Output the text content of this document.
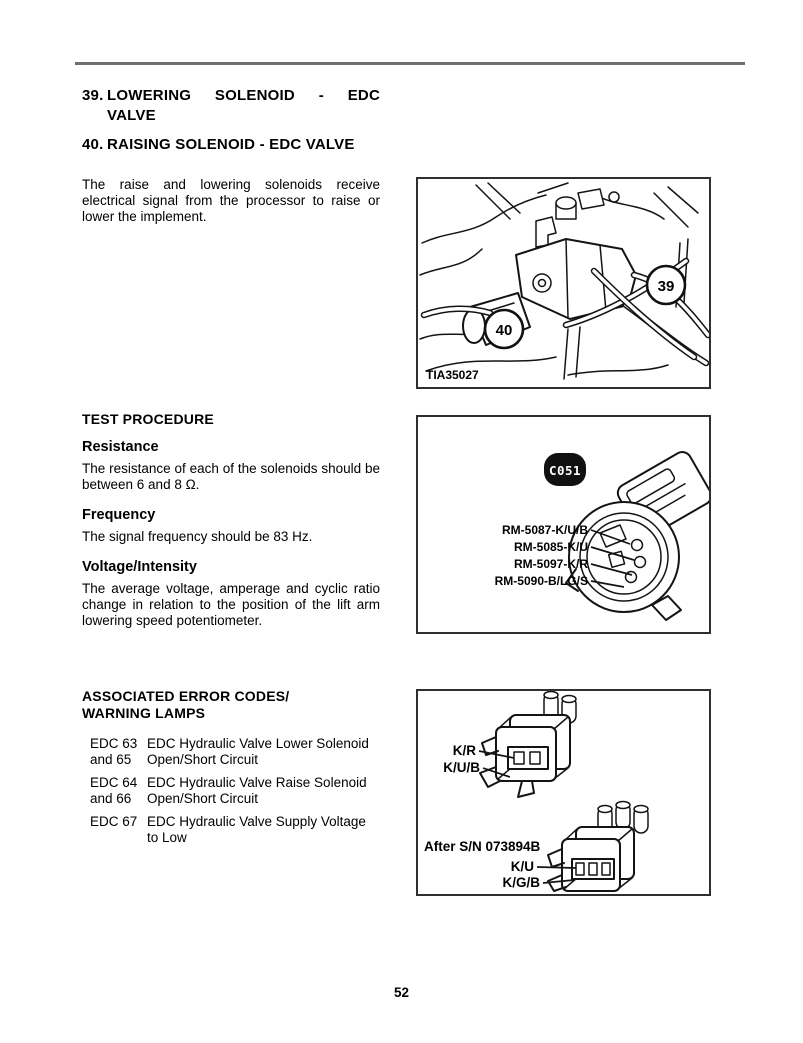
39. LOWERING SOLENOID - EDC
VALVE
40. RAISING SOLENOID - EDC VALVE
The raise and lowering solenoids receive electrical signal from the processor to raise or lower the implement.
TEST PROCEDURE
Resistance
The resistance of each of the solenoids should be between 6 and 8 Ω.
Frequency
The signal frequency should be 83 Hz.
Voltage/Intensity
The average voltage, amperage and cyclic ratio change in relation to the position of the lift arm lowering speed potentiometer.
ASSOCIATED ERROR CODES/
WARNING LAMPS
EDC 63
and 65
EDC Hydraulic Valve Lower Solenoid Open/Short Circuit
EDC 64
and 66
EDC Hydraulic Valve Raise Solenoid Open/Short Circuit
EDC 67 EDC Hydraulic Valve Supply Voltage to Low
39
40
TIA35027
C051
RM-5087-K/U/B
RM-5085-K/U
RM-5097-K/R
RM-5090-B/LG/S
K/R
K/U/B
After S/N 073894B
K/U
K/G/B
52
